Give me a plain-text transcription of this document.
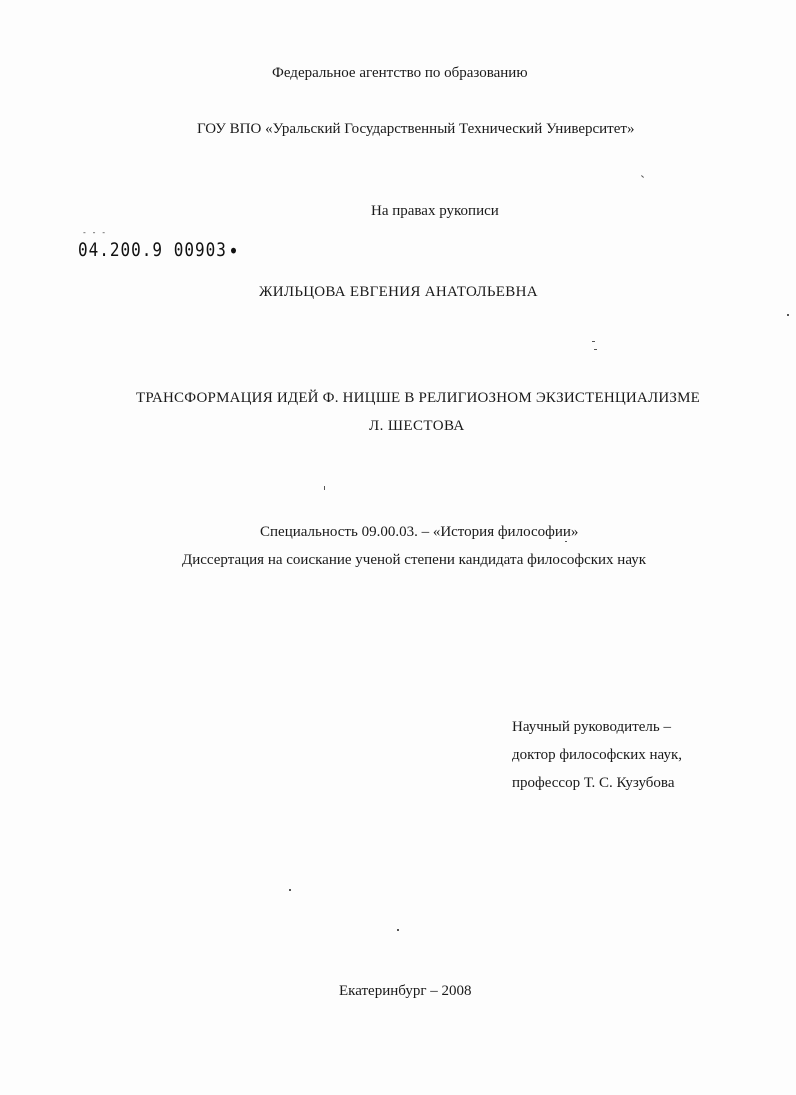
Федеральное агентство по образованию
ГОУ ВПО «Уральский Государственный Технический Университет»
На правах рукописи
- - -
04.200.9 00903
ЖИЛЬЦОВА ЕВГЕНИЯ АНАТОЛЬЕВНА
ТРАНСФОРМАЦИЯ ИДЕЙ Ф. НИЦШЕ В РЕЛИГИОЗНОМ ЭКЗИСТЕНЦИАЛИЗМЕ
Л. ШЕСТОВА
Специальность 09.00.03. – «История философии»
Диссертация на соискание ученой степени кандидата философских наук
Научный руководитель –
доктор философских наук,
профессор Т. С. Кузубова
Екатеринбург – 2008
